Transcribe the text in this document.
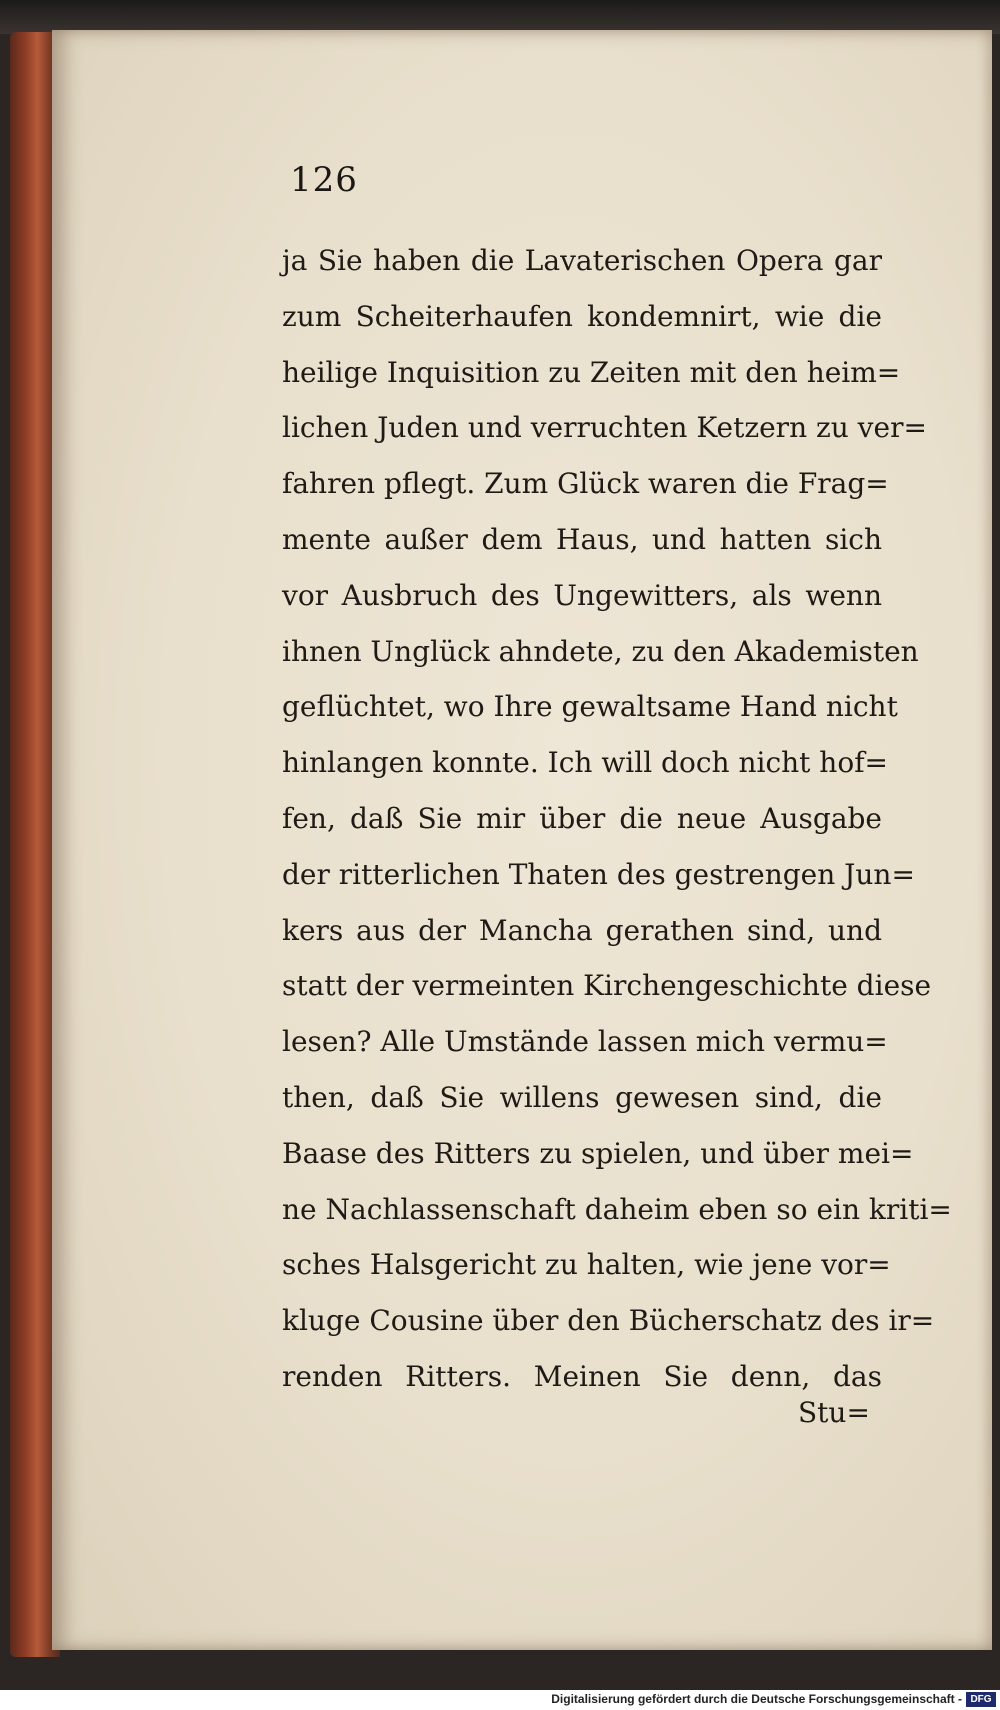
126
ja Sie haben die Lavaterischen Opera gar
zum Scheiterhaufen kondemnirt, wie die
heilige Inquisition zu Zeiten mit den heim=
lichen Juden und verruchten Ketzern zu ver=
fahren pflegt. Zum Glück waren die Frag=
mente außer dem Haus, und hatten sich
vor Ausbruch des Ungewitters, als wenn
ihnen Unglück ahndete, zu den Akademisten
geflüchtet, wo Ihre gewaltsame Hand nicht
hinlangen konnte. Ich will doch nicht hof=
fen, daß Sie mir über die neue Ausgabe
der ritterlichen Thaten des gestrengen Jun=
kers aus der Mancha gerathen sind, und
statt der vermeinten Kirchengeschichte diese
lesen? Alle Umstände lassen mich vermu=
then, daß Sie willens gewesen sind, die
Baase des Ritters zu spielen, und über mei=
ne Nachlassenschaft daheim eben so ein kriti=
sches Halsgericht zu halten, wie jene vor=
kluge Cousine über den Bücherschatz des ir=
renden Ritters. Meinen Sie denn, das
Stu=
Digitalisierung gefördert durch die Deutsche Forschungsgemeinschaft - DFG
